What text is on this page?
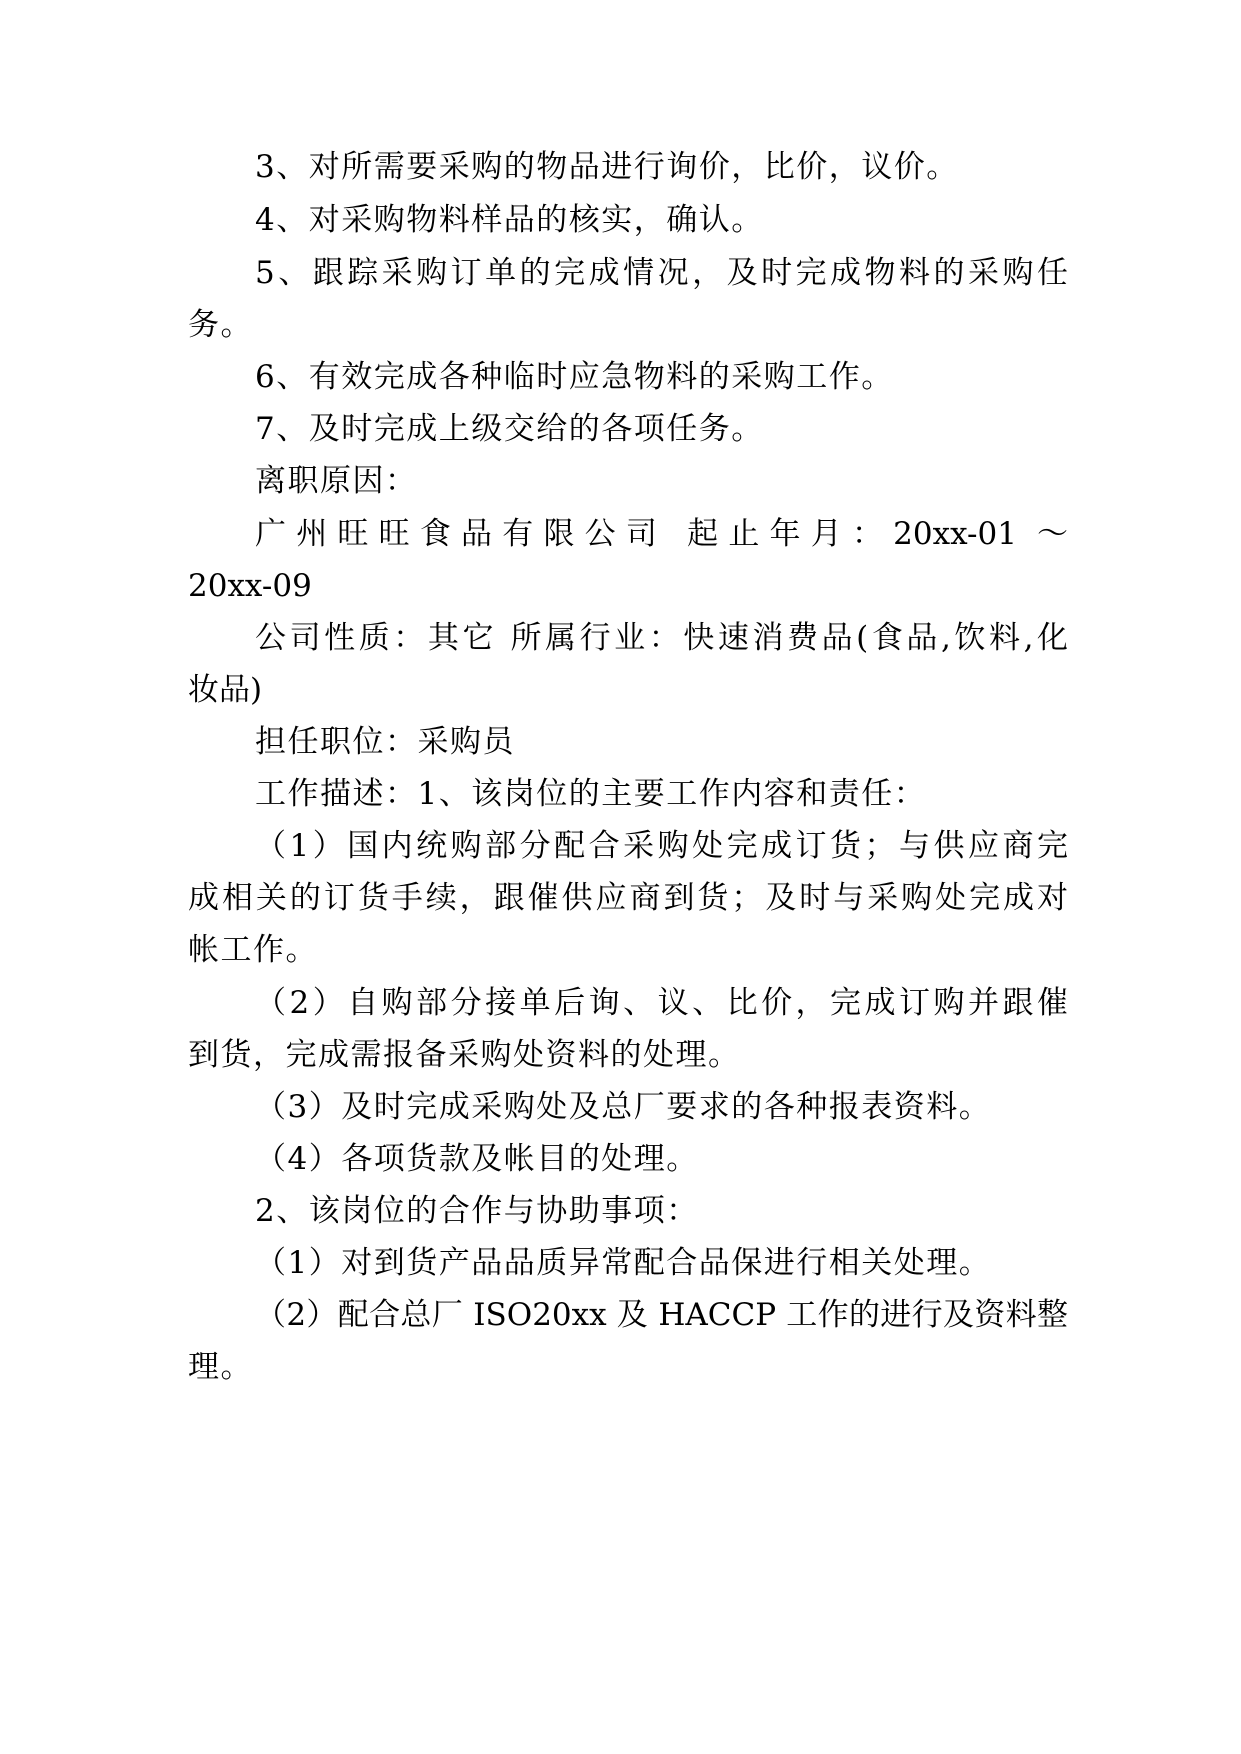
3、对所需要采购的物品进行询价，比价，议价。
4、对采购物料样品的核实，确认。
5、跟踪采购订单的完成情况，及时完成物料的采购任
务。
6、有效完成各种临时应急物料的采购工作。
7、及时完成上级交给的各项任务。
离职原因：
广州旺旺食品有限公司 起止年月：20xx-01 ～
20xx-09
公司性质：其它 所属行业：快速消费品(食品,饮料,化
妆品)
担任职位：采购员
工作描述：1、该岗位的主要工作内容和责任：
（1）国内统购部分配合采购处完成订货；与供应商完
成相关的订货手续，跟催供应商到货；及时与采购处完成对
帐工作。
（2）自购部分接单后询、议、比价，完成订购并跟催
到货，完成需报备采购处资料的处理。
（3）及时完成采购处及总厂要求的各种报表资料。
（4）各项货款及帐目的处理。
2、该岗位的合作与协助事项：
（1）对到货产品品质异常配合品保进行相关处理。
（2）配合总厂 ISO20xx 及 HACCP 工作的进行及资料整
理。
